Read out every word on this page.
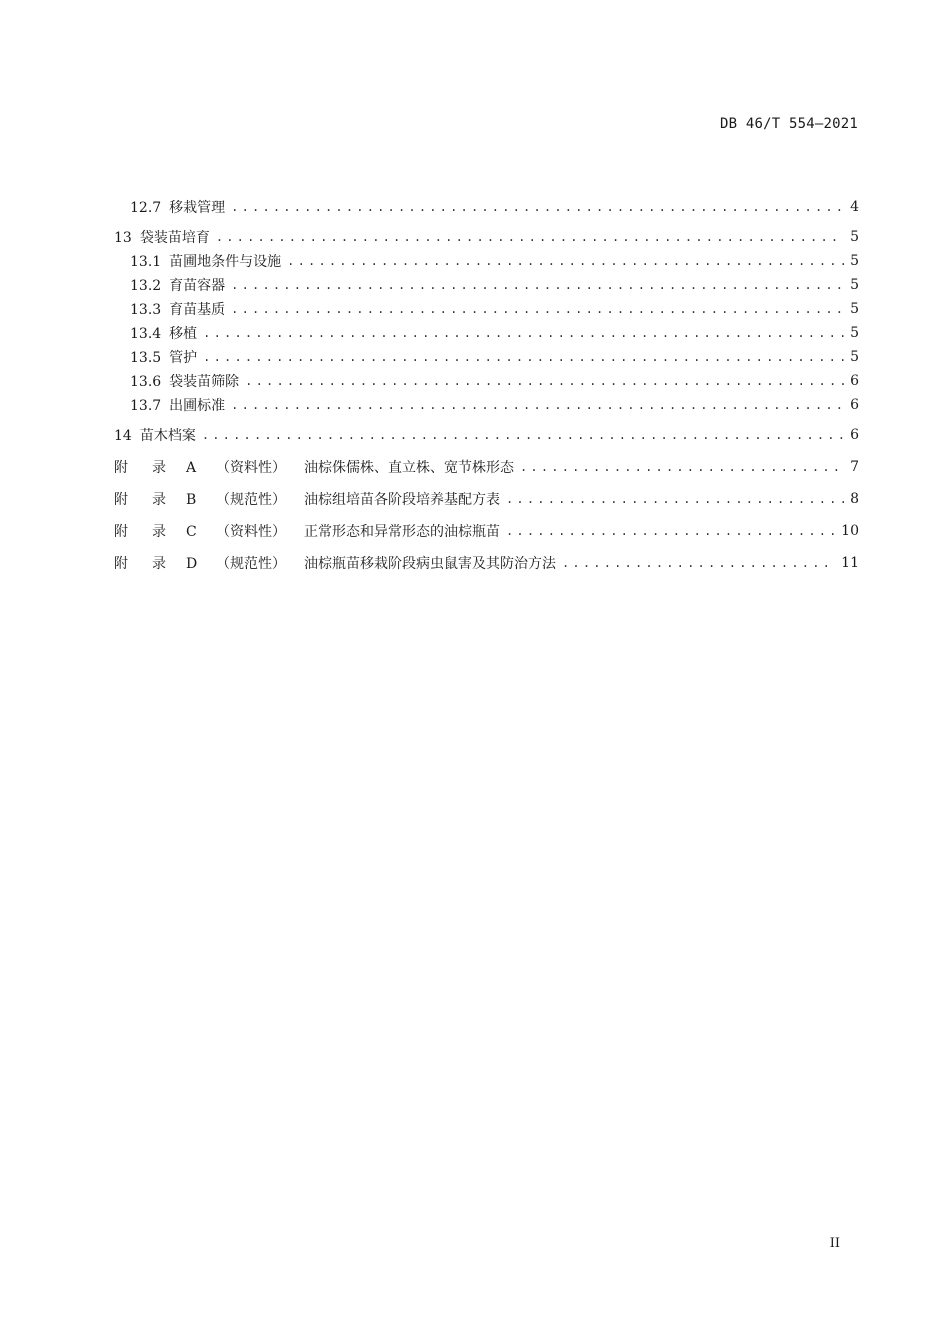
DB 46/T 554—2021
12.7 移栽管理 .....	4
13 袋装苗培育 .....	5
13.1 苗圃地条件与设施 .....	5
13.2 育苗容器 .....	5
13.3 育苗基质 .....	5
13.4 移植 .....	5
13.5 管护 .....	5
13.6 袋装苗筛除 .....	6
13.7 出圃标准 .....	6
14 苗木档案 .....	6
附 录 A （资料性） 油棕侏儒株、直立株、宽节株形态 .....	7
附 录 B （规范性） 油棕组培苗各阶段培养基配方表 .....	8
附 录 C （资料性） 正常形态和异常形态的油棕瓶苗 .....	10
附 录 D （规范性） 油棕瓶苗移栽阶段病虫鼠害及其防治方法 .....	11
II
